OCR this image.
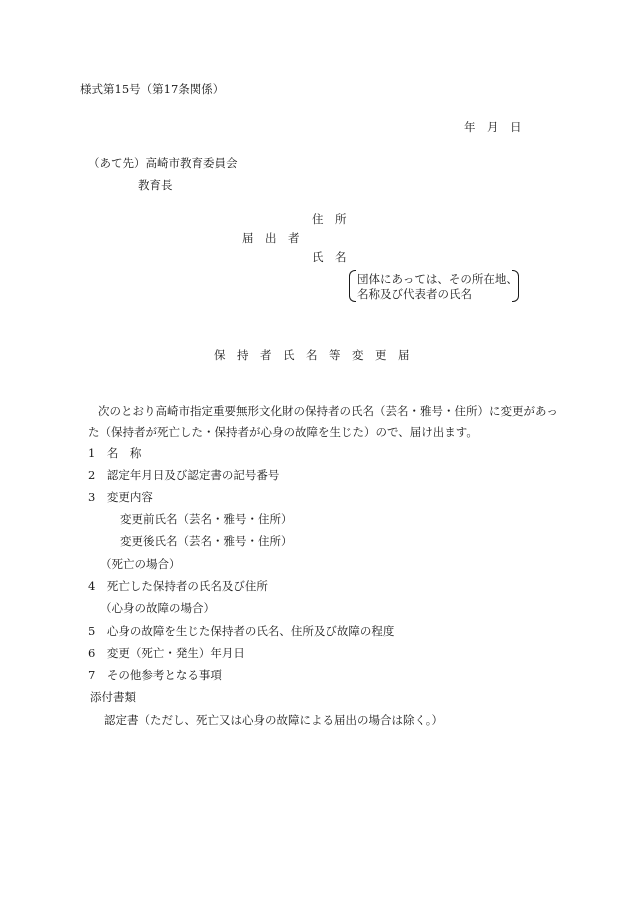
様式第15号（第17条関係）
年　月　日
（あて先）高崎市教育委員会
教育長
住　所
届　出　者
氏　名
団体にあっては、その所在地、
名称及び代表者の氏名
保　持　者　氏　名　等　変　更　届
次のとおり高崎市指定重要無形文化財の保持者の氏名（芸名・雅号・住所）に変更があっ
た（保持者が死亡した・保持者が心身の故障を生じた）ので、届け出ます。
1　名　称
2　認定年月日及び認定書の記号番号
3　変更内容
変更前氏名（芸名・雅号・住所）
変更後氏名（芸名・雅号・住所）
（死亡の場合）
4　死亡した保持者の氏名及び住所
（心身の故障の場合）
5　心身の故障を生じた保持者の氏名、住所及び故障の程度
6　変更（死亡・発生）年月日
7　その他参考となる事項
添付書類
認定書（ただし、死亡又は心身の故障による届出の場合は除く。）
